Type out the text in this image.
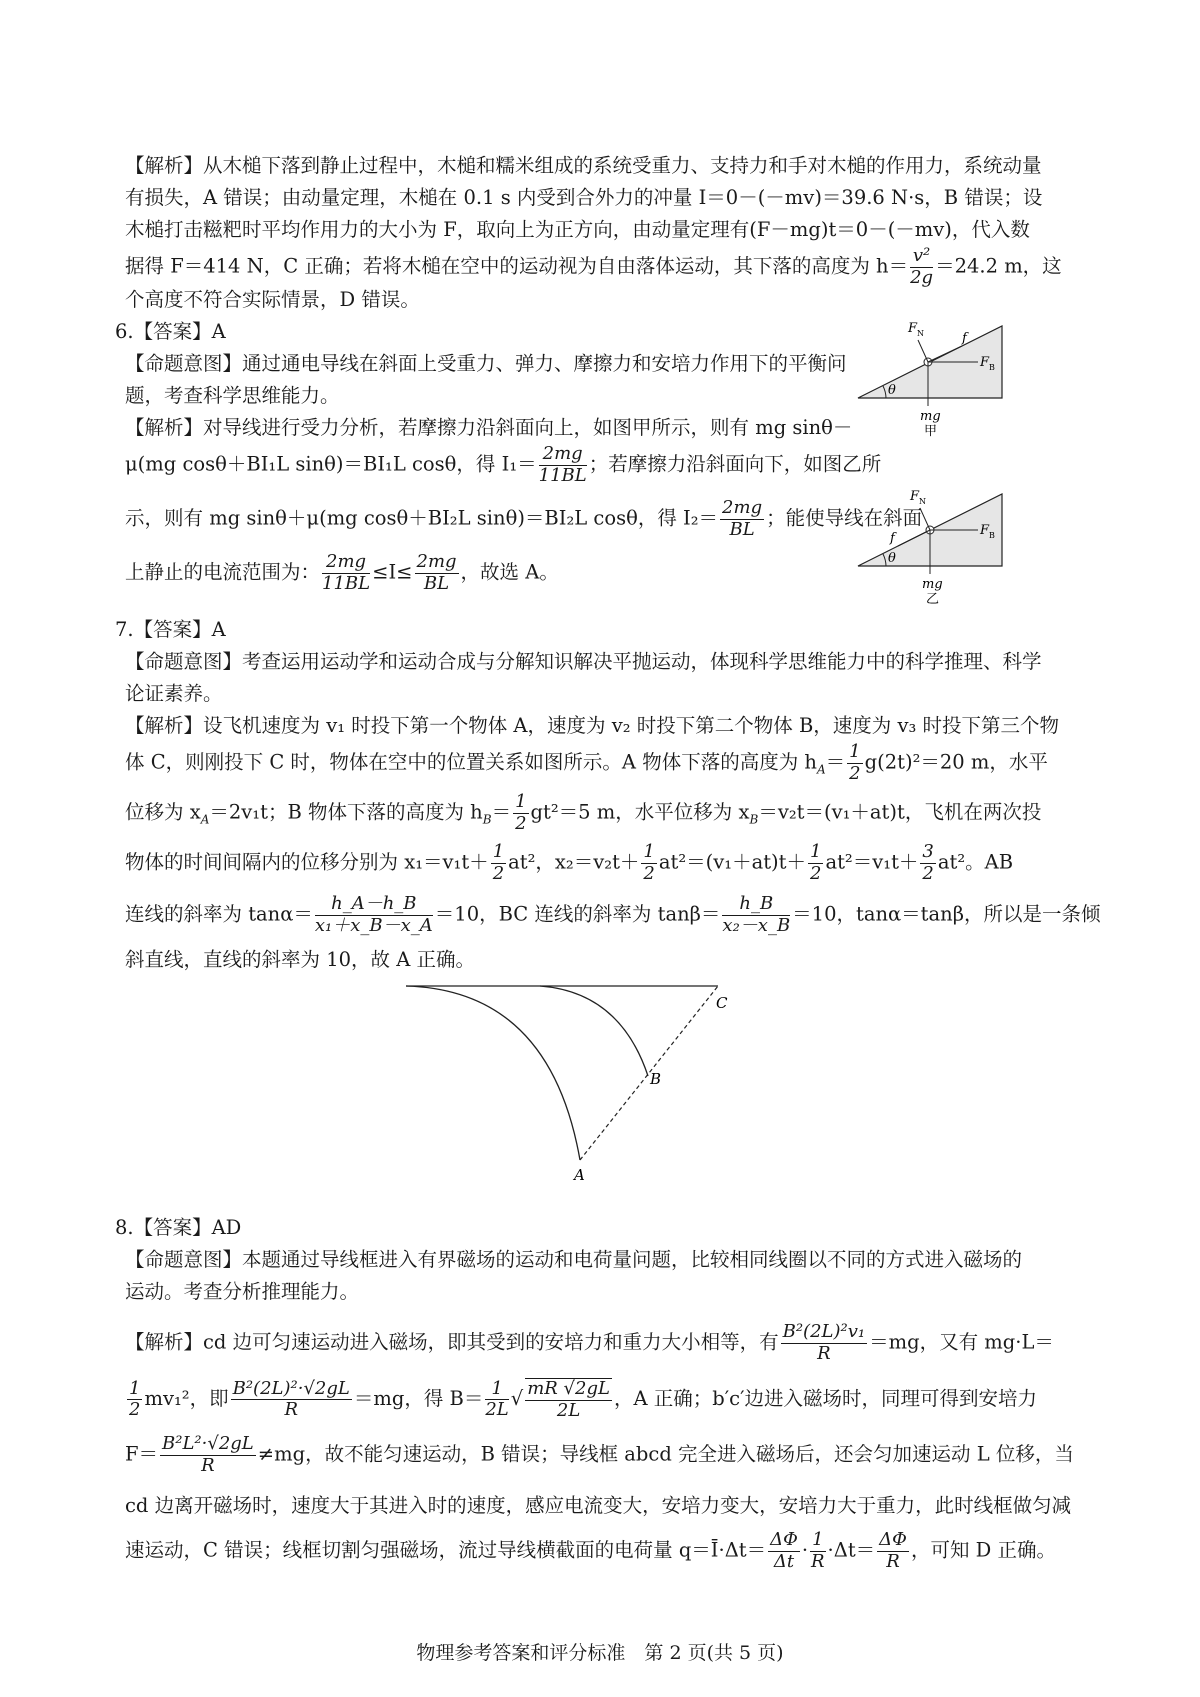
【解析】从木槌下落到静止过程中，木槌和糯米组成的系统受重力、支持力和手对木槌的作用力，系统动量
有损失，A 错误；由动量定理，木槌在 0.1 s 内受到合外力的冲量 I＝0－(－mv)＝39.6 N·s，B 错误；设
木槌打击糍粑时平均作用力的大小为 F，取向上为正方向，由动量定理有(F－mg)t＝0－(－mv)，代入数
据得 F＝414 N，C 正确；若将木槌在空中的运动视为自由落体运动，其下落的高度为 $h= \frac{\text{v²}}{2g} =24.2$ m，这
个高度不符合实际情景，D 错误。
6.【答案】A
【命题意图】通过通电导线在斜面上受重力、弹力、摩擦力和安培力作用下的平衡问
题，考查科学思维能力。
【解析】对导线进行受力分析，若摩擦力沿斜面向上，如图甲所示，则有 mg sinθ－
μ(mg cosθ＋BI₁L sinθ)＝BI₁L cosθ，得 $I_1= \frac{2mg}{11BL}$ ；若摩擦力沿斜面向下，如图乙所
示，则有 mg sinθ＋μ(mg cosθ＋BI₂L sinθ)＝BI₂L cosθ，得 $I_2= \frac{2mg}{BL}$ ；能使导线在斜面
上静止的电流范围为： $\frac{2mg}{11BL} \le I\le \frac{2mg}{BL}$ ，故选 A。
θ
F N	f
F B
mg
甲
θ
F N
f
F B
mg
乙
7.【答案】A
【命题意图】考查运用运动学和运动合成与分解知识解决平抛运动，体现科学思维能力中的科学推理、科学
论证素养。
【解析】设飞机速度为 v₁ 时投下第一个物体 A，速度为 v₂ 时投下第二个物体 B，速度为 v₃ 时投下第三个物
体 C，则刚投下 C 时，物体在空中的位置关系如图所示。A 物体下落的高度为 $h_A= \frac{1}{2} g(2t)^2=20$ m，水平
位移为 $x_A=2v_1t$；B 物体下落的高度为 $h_B= \frac{1}{2} gt^2=5$ m，水平位移为 $x_B=v_2t=(v_1+at)t$，飞机在两次投
物体的时间间隔内的位移分别为 $x_1=v_1t+ \frac{1}{2} at^2$，$x_2=v_2t+ \frac{1}{2} at^2=(v_1+at)t+ \frac{1}{2} at^2=v_1t+ \frac{3}{2} at^2$。AB
连线的斜率为 $\tan\alpha= \frac{h\_A-h\_B}{\text{x₁＋x\_B－x\_A}} =10$，BC 连线的斜率为 $\tan\beta= \frac{h\_B}{\text{x₂－x\_B}} =10$，tanα＝tanβ，所以是一条倾
斜直线，直线的斜率为 10，故 A 正确。
A
B
C
8.【答案】AD
【命题意图】本题通过导线框进入有界磁场的运动和电荷量问题，比较相同线圈以不同的方式进入磁场的
运动。考查分析推理能力。
【解析】cd 边可匀速运动进入磁场，即其受到的安培力和重力大小相等，有 $\frac{\text{B²(2L)²v₁}}{R} =mg$，又有 mg·L＝
$\frac{1}{2} mv_1^2$，即 $\frac{\text{B²(2L)²·√2gL}}{R} =mg$，得 $B= \frac{1}{2L}$ √ $\frac{mR √2gL}{2L}$ ，A 正确；b′c′边进入磁场时，同理可得到安培力
$F= \frac{\text{B²L²·√2gL}}{R} \ne mg$，故不能匀速运动，B 错误；导线框 abcd 完全进入磁场后，还会匀加速运动 L 位移，当
cd 边离开磁场时，速度大于其进入时的速度，感应电流变大，安培力变大，安培力大于重力，此时线框做匀减
速运动，C 错误；线框切割匀强磁场，流过导线横截面的电荷量 q＝Ī·Δt＝ $\frac{\Delta\Phi}{\Delta t} \cdot \frac{1}{R} \cdot\Delta t= \frac{\Delta\Phi}{R}$ ，可知 D 正确。
物理参考答案和评分标准　第 2 页(共 5 页)
